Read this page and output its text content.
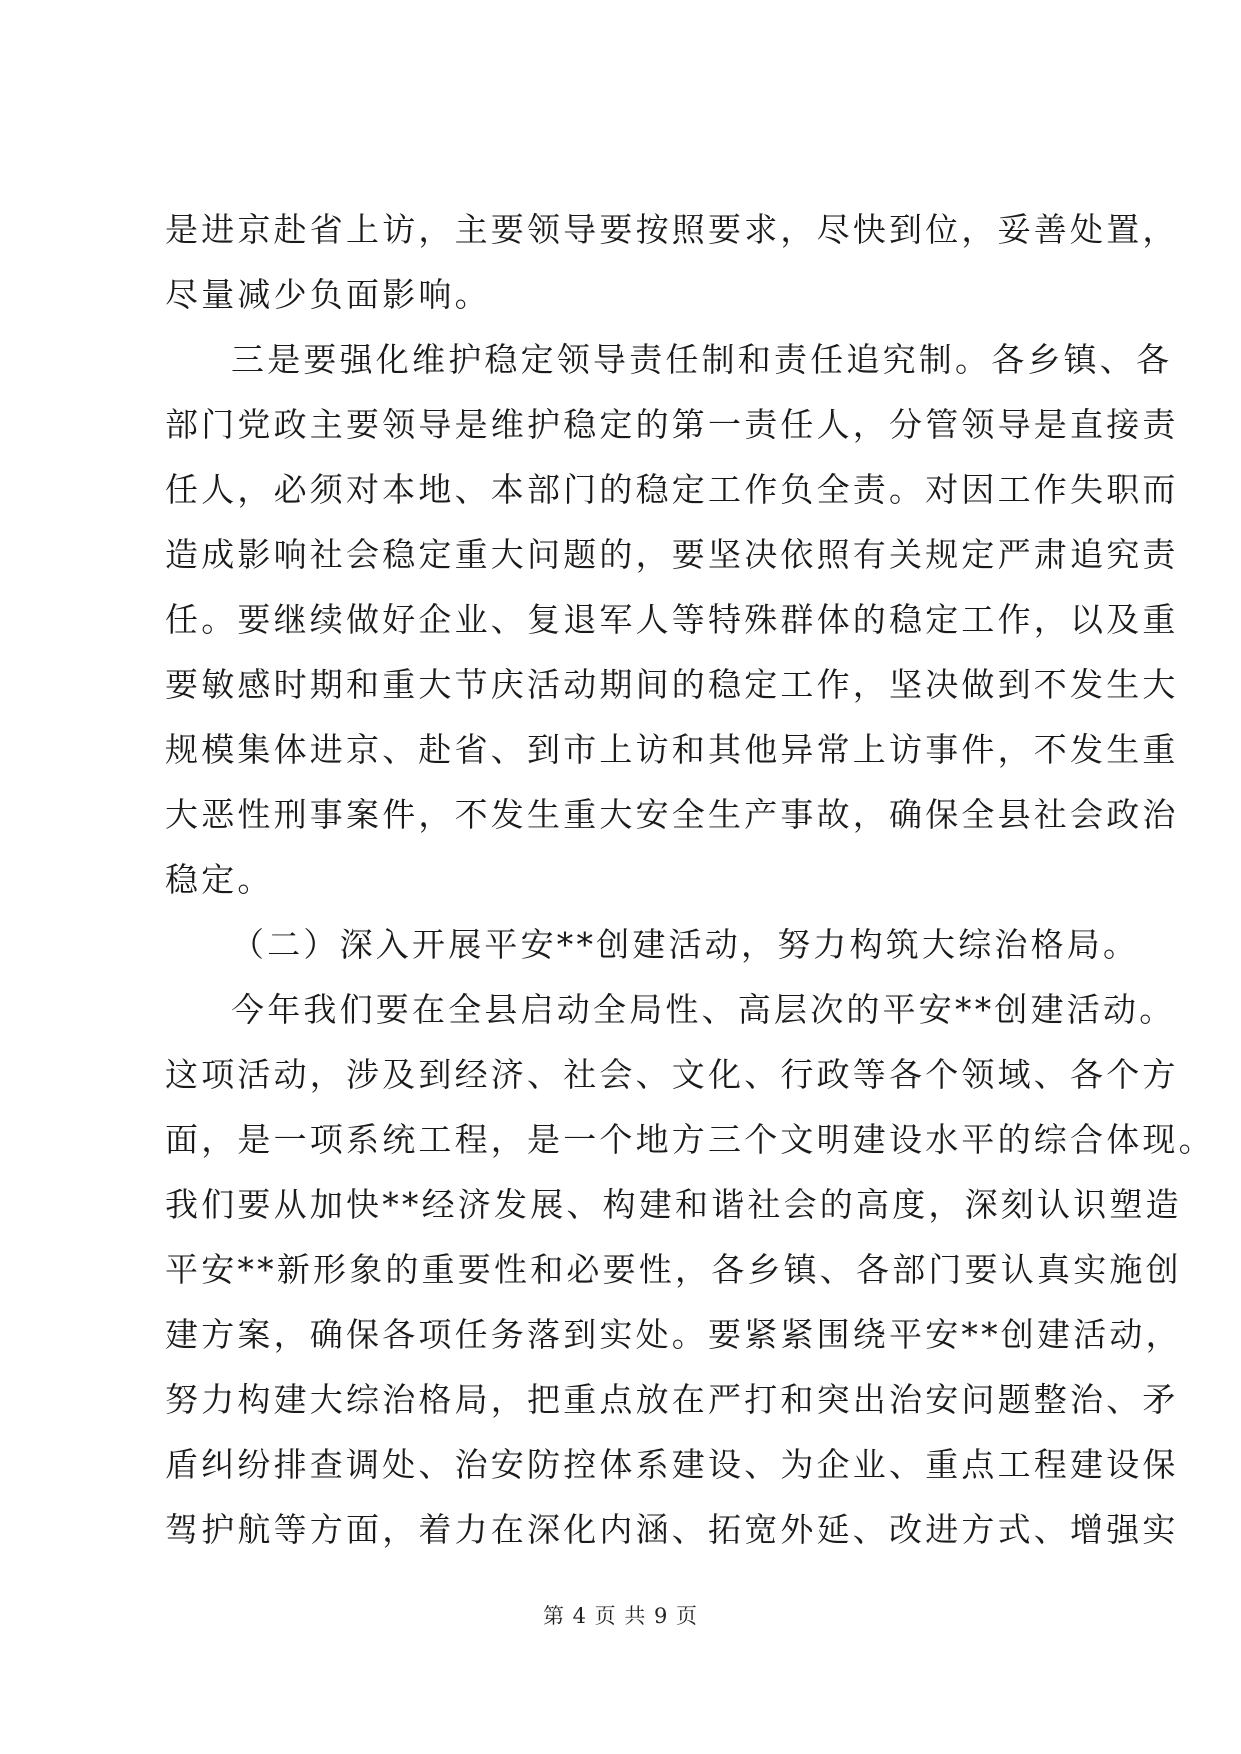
是进京赴省上访，主要领导要按照要求，尽快到位，妥善处置，
尽量减少负面影响。
三是要强化维护稳定领导责任制和责任追究制。各乡镇、各
部门党政主要领导是维护稳定的第一责任人，分管领导是直接责
任人，必须对本地、本部门的稳定工作负全责。对因工作失职而
造成影响社会稳定重大问题的，要坚决依照有关规定严肃追究责
任。要继续做好企业、复退军人等特殊群体的稳定工作，以及重
要敏感时期和重大节庆活动期间的稳定工作，坚决做到不发生大
规模集体进京、赴省、到市上访和其他异常上访事件，不发生重
大恶性刑事案件，不发生重大安全生产事故，确保全县社会政治
稳定。
（二）深入开展平安**创建活动，努力构筑大综治格局。
今年我们要在全县启动全局性、高层次的平安**创建活动。
这项活动，涉及到经济、社会、文化、行政等各个领域、各个方
面，是一项系统工程，是一个地方三个文明建设水平的综合体现。
我们要从加快**经济发展、构建和谐社会的高度，深刻认识塑造
平安**新形象的重要性和必要性，各乡镇、各部门要认真实施创
建方案，确保各项任务落到实处。要紧紧围绕平安**创建活动，
努力构建大综治格局，把重点放在严打和突出治安问题整治、矛
盾纠纷排查调处、治安防控体系建设、为企业、重点工程建设保
驾护航等方面，着力在深化内涵、拓宽外延、改进方式、增强实
第 4 页 共 9 页
